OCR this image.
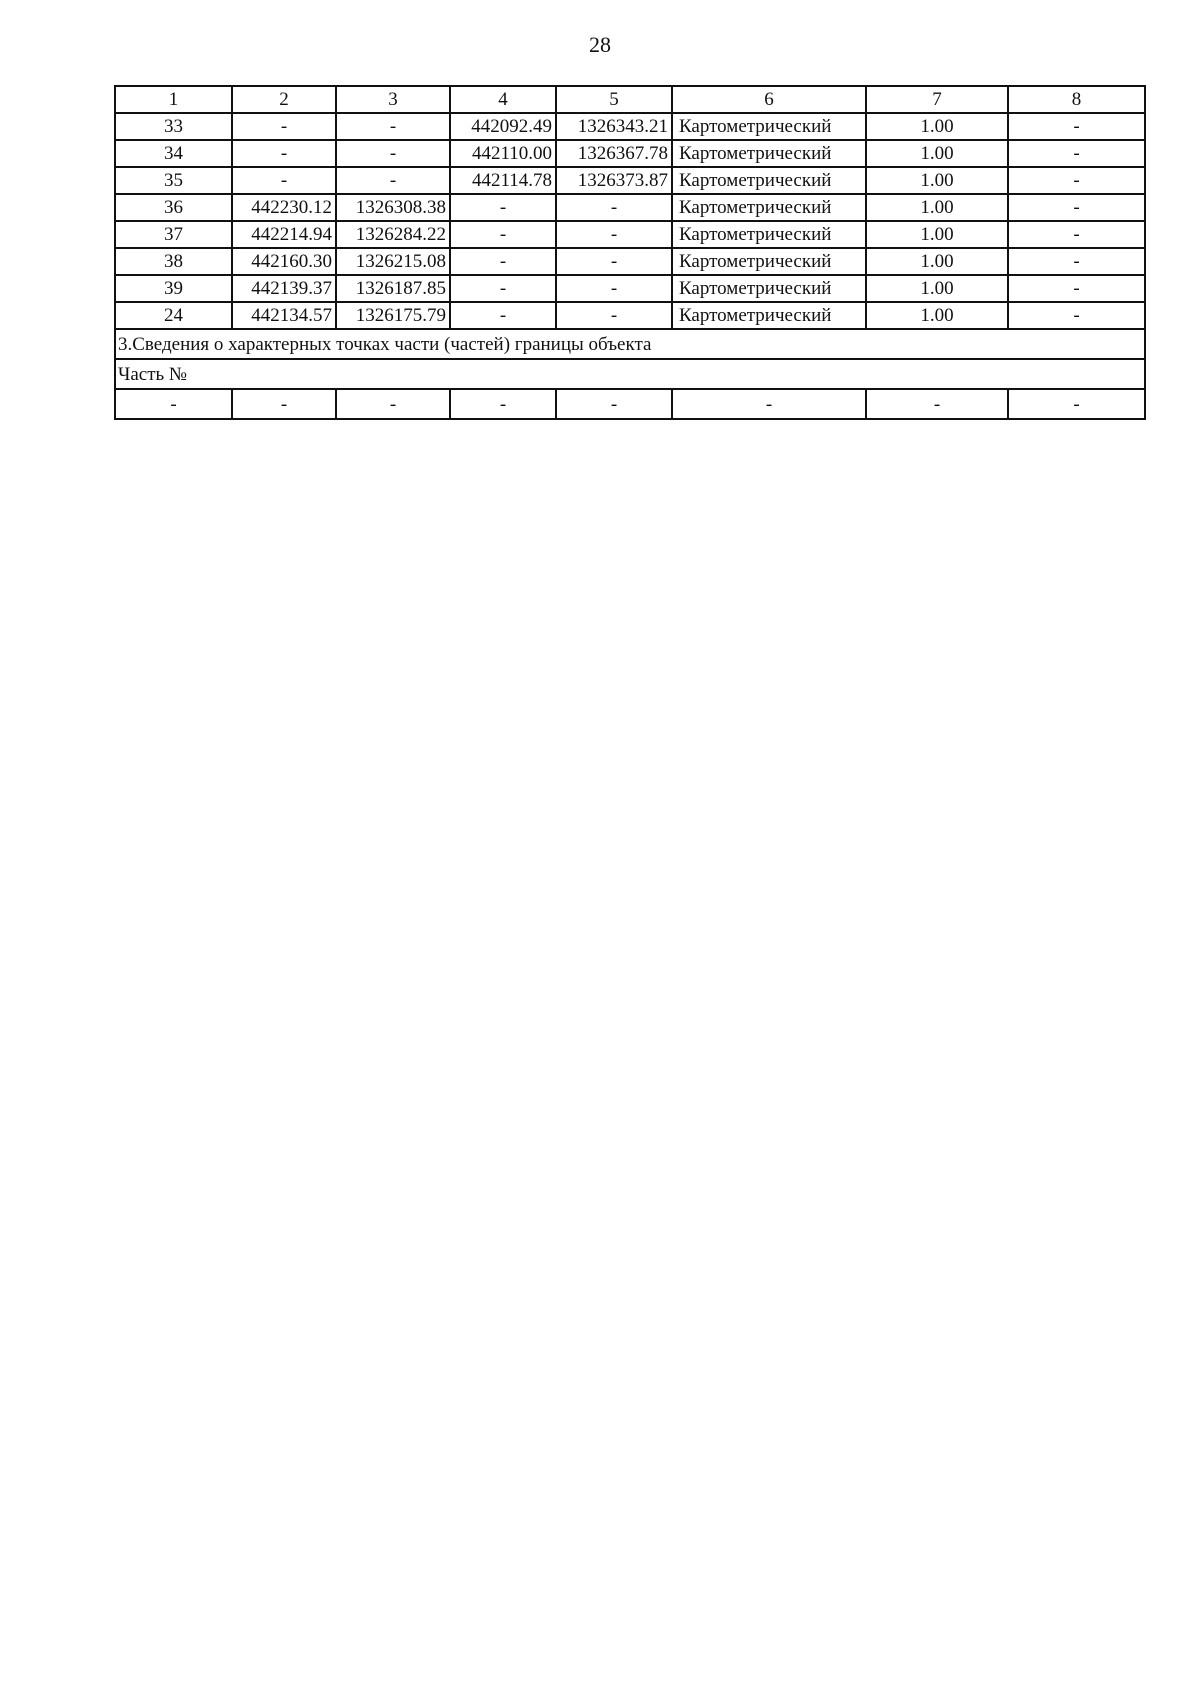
28
1	2	3	4	5	6	7	8
33	-	-	442092.49	1326343.21	Картометрический	1.00	-
34	-	-	442110.00	1326367.78	Картометрический	1.00	-
35	-	-	442114.78	1326373.87	Картометрический	1.00	-
36	442230.12	1326308.38	-	-	Картометрический	1.00	-
37	442214.94	1326284.22	-	-	Картометрический	1.00	-
38	442160.30	1326215.08	-	-	Картометрический	1.00	-
39	442139.37	1326187.85	-	-	Картометрический	1.00	-
24	442134.57	1326175.79	-	-	Картометрический	1.00	-
3.Сведения о характерных точках части (частей) границы объекта							
Часть №							
-	-	-	-	-	-	-	-
